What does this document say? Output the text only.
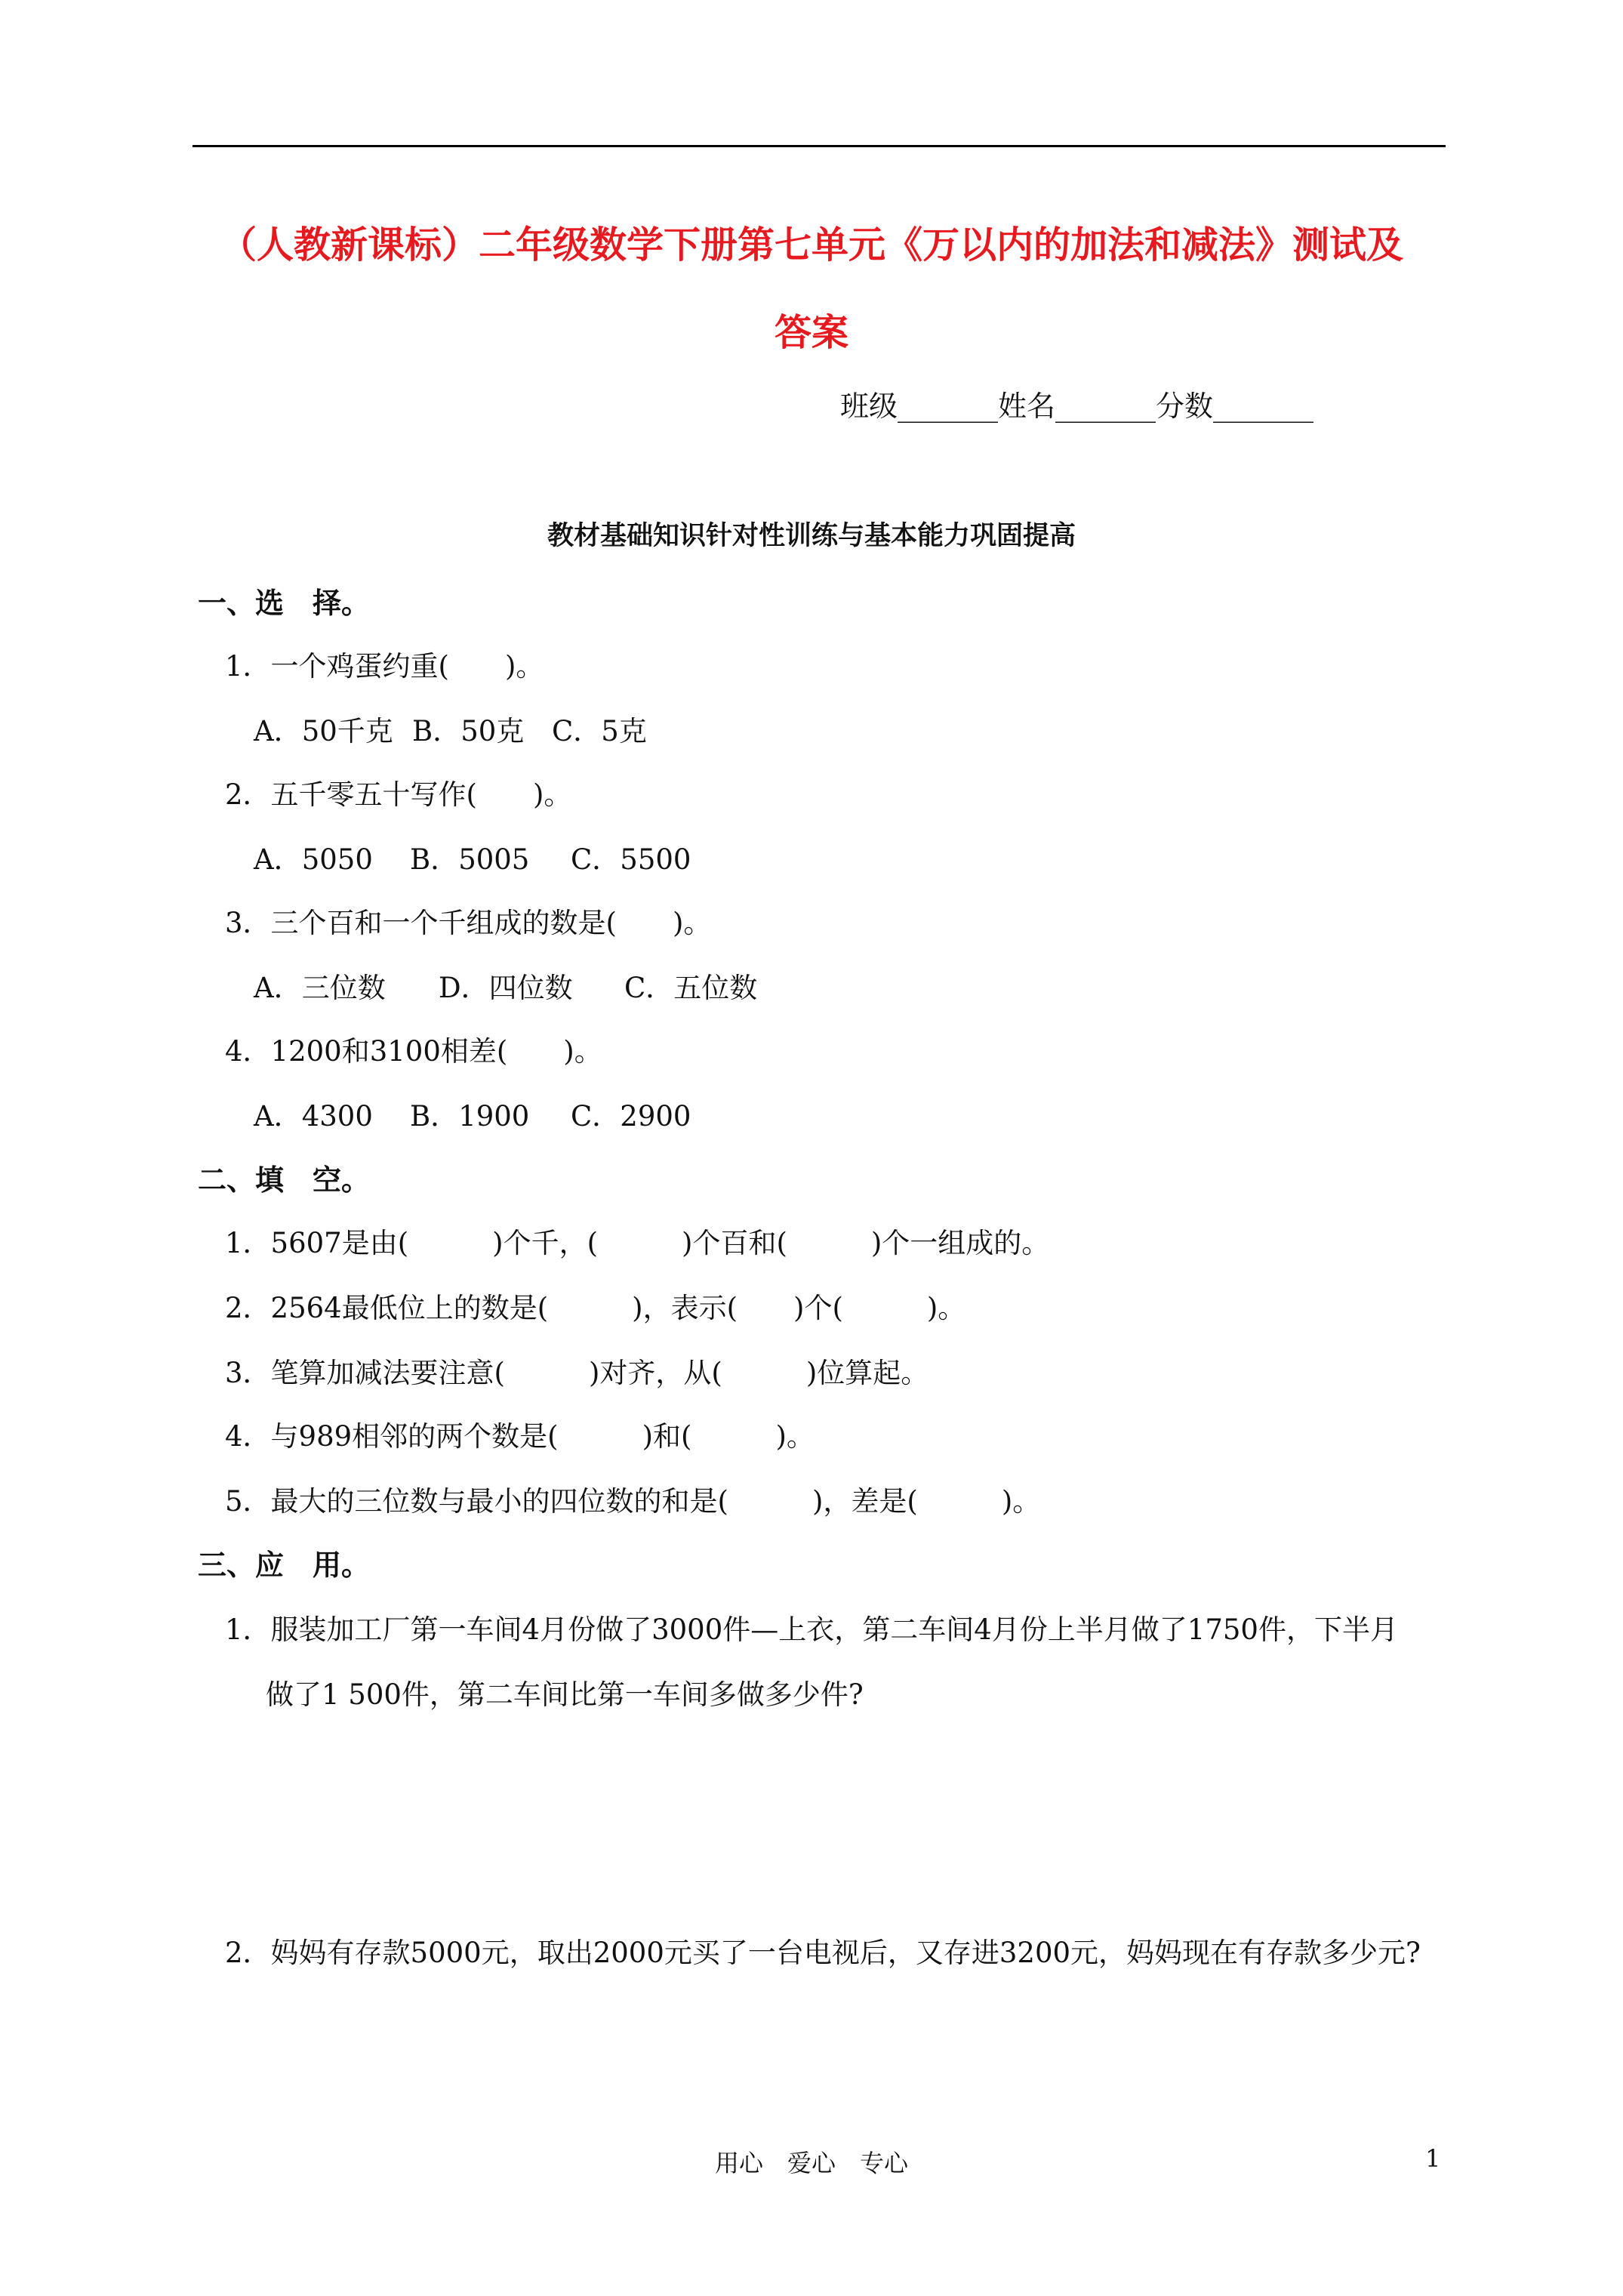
（人教新课标）二年级数学下册第七单元《万以内的加法和减法》测试及
答案
班级_______姓名_______分数_______
教材基础知识针对性训练与基本能力巩固提高
一、选　择。
1．一个鸡蛋约重(　　)。
A．50千克 B．50克 C．5克
2．五千零五十写作(　　)。
A．5050 B．5005 C．5500
3．三个百和一个千组成的数是(　　)。
A．三位数 D．四位数 C．五位数
4．1200和3100相差(　　)。
A．4300 B．1900 C．2900
二、填　空。
1．5607是由(　　　)个千，(　　　)个百和(　　　)个一组成的。
2．2564最低位上的数是(　　　)，表示(　　)个(　　　)。
3．笔算加减法要注意(　　　)对齐，从(　　　)位算起。
4．与989相邻的两个数是(　　　)和(　　　)。
5．最大的三位数与最小的四位数的和是(　　　)，差是(　　　)。
三、应　用。
1．服装加工厂第一车间4月份做了3000件—上衣，第二车间4月份上半月做了1750件，下半月
做了1 500件，第二车间比第一车间多做多少件?
2．妈妈有存款5000元，取出2000元买了一台电视后，又存进3200元，妈妈现在有存款多少元?
用心　爱心　专心	1
